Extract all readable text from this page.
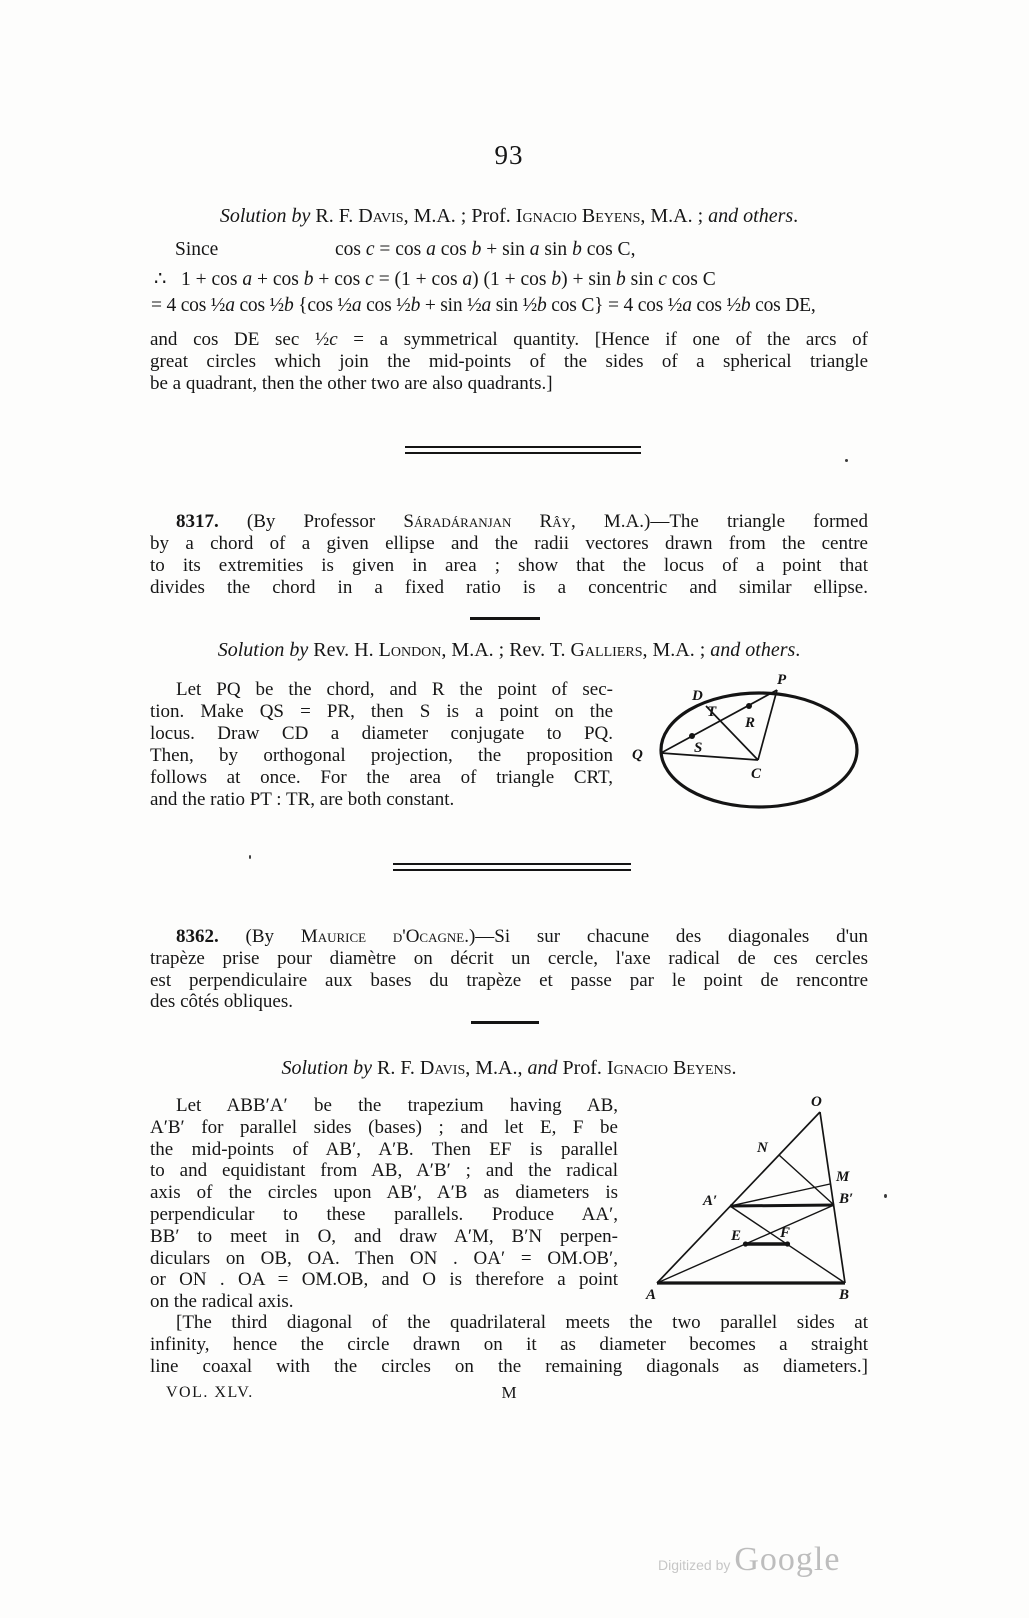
93
Solution by R. F. Davis, M.A. ; Prof. Ignacio Beyens, M.A. ; and others.
Since	cos c = cos a cos b + sin a sin b cos C,
∴  1 + cos a + cos b + cos c = (1 + cos a) (1 + cos b) + sin b sin c cos C
= 4 cos ½a cos ½b {cos ½a cos ½b + sin ½a sin ½b cos C} = 4 cos ½a cos ½b cos DE,
and cos DE sec ½c = a symmetrical quantity. [Hence if one of the arcs of
great circles which join the mid-points of the sides of a spherical triangle
be a quadrant, then the other two are also quadrants.]
8317. (By Professor Sáradáranjan Rây, M.A.)—The triangle formed
by a chord of a given ellipse and the radii vectores drawn from the centre
to its extremities is given in area ; show that the locus of a point that
divides the chord in a fixed ratio is a concentric and similar ellipse.
Solution by Rev. H. London, M.A. ; Rev. T. Galliers, M.A. ; and others.
Let PQ be the chord, and R the point of sec-
tion. Make QS = PR, then S is a point on the
locus. Draw CD a diameter conjugate to PQ.
Then, by orthogonal projection, the proposition
follows at once. For the area of triangle CRT,
and the ratio PT : TR, are both constant.
P
D
Q
T
R
S
C
8362. (By Maurice d'Ocagne.)—Si sur chacune des diagonales d'un
trapèze prise pour diamètre on décrit un cercle, l'axe radical de ces cercles
est perpendiculaire aux bases du trapèze et passe par le point de rencontre
des côtés obliques.
Solution by R. F. Davis, M.A., and Prof. Ignacio Beyens.
Let ABB′A′ be the trapezium having AB,
A′B′ for parallel sides (bases) ; and let E, F be
the mid-points of AB′, A′B. Then EF is parallel
to and equidistant from AB, A′B′ ; and the radical
axis of the circles upon AB′, A′B as diameters is
perpendicular to these parallels. Produce AA′,
BB′ to meet in O, and draw A′M, B′N perpen-
diculars on OB, OA. Then ON . OA′ = OM.OB′,
or ON . OA = OM.OB, and O is therefore a point
on the radical axis.
O
N
M
A′	B′
E	F
A	B
[The third diagonal of the quadrilateral meets the two parallel sides at
infinity, hence the circle drawn on it as diameter becomes a straight
line coaxal with the circles on the remaining diagonals as diameters.]
VOL. XLV.	M
Digitized by Google
